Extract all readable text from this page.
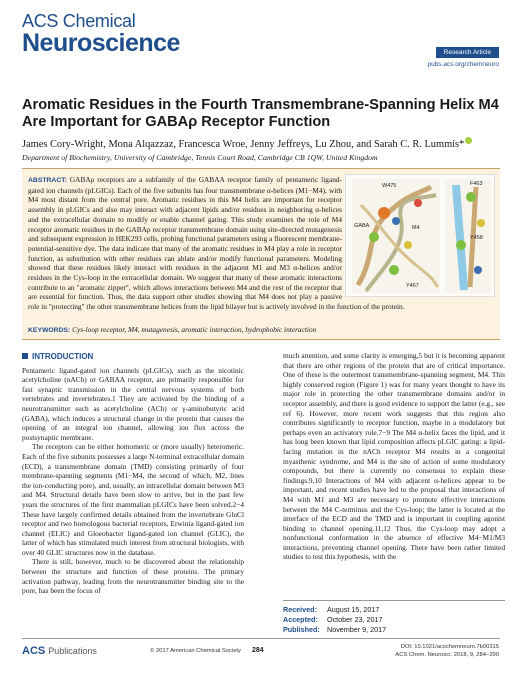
ACS Chemical
Neuroscience	Research Article
pubs.acs.org/chemneuro
Aromatic Residues in the Fourth Transmembrane-Spanning Helix M4 Are Important for GABAρ Receptor Function
James Cory-Wright, Mona Alqazzaz, Francesca Wroe, Jenny Jeffreys, Lu Zhou, and Sarah C. R. Lummis*
Department of Biochemistry, University of Cambridge, Tennis Court Road, Cambridge CB 1QW, United Kingdom
ABSTRACT: GABAρ receptors are a subfamily of the GABAA receptor family of pentameric ligand-gated ion channels (pLGICs). Each of the five subunits has four transmembrane α-helices (M1−M4), with M4 most distant from the central pore. Aromatic residues in this M4 helix are important for receptor assembly in pLGICs and also may interact with adjacent lipids and/or residues in neighboring α-helices and the extracellular domain to modify or enable channel gating. This study examines the role of M4 receptor aromatic residues in the GABAρ receptor transmembrane domain using site-directed mutagenesis and subsequent expression in HEK293 cells, probing functional parameters using a fluorescent membrane-potential-sensitive dye. The data indicate that many of the aromatic residues in M4 play a role in receptor function, as substitution with other residues can ablate and/or modify functional parameters. Modeling showed that these residues likely interact with residues in the adjacent M1 and M3 α-helices and/or residues in the Cys-loop in the extracellular domain. We suggest that many of these aromatic interactions contribute to an "aromatic zipper", which allows interactions between M4 and the rest of the receptor that are essential for function. Thus, the data support other studies showing that M4 does not play a passive role in "protecting" the other transmembrane helices from the lipid bilayer but is actively involved in the function of the protein.
KEYWORDS: Cys-loop receptor, M4, mutagenesis, aromatic interaction, hydrophobic interaction
W475	F463
GABA	M4
Y458
Y467
INTRODUCTION

Pentameric ligand-gated ion channels (pLGICs), such as the nicotinic acetylcholine (nACh) or GABAA receptor, are primarily responsible for fast synaptic transmission in the central nervous systems of both vertebrates and invertebrates.1 They are activated by the binding of a neurotransmitter such as acetylcholine (ACh) or γ-aminobutyric acid (GABA), which induces a structural change in the protein that causes the opening of an integral ion channel, allowing ion flux across the postsynaptic membrane.

The receptors can be either homomeric or (more usually) heteromeric. Each of the five subunits possesses a large N-terminal extracellular domain (ECD), a transmembrane domain (TMD) consisting primarily of four membrane-spanning segments (M1−M4, the second of which, M2, lines the ion-conducting pore), and, usually, an intracellular domain between M3 and M4. Structural details have been slow to arrive, but in the past few years the structures of the first mammalian pLGICs have been solved.2−4 These have largely confirmed details obtained from the invertebrate GluCl receptor and two homologous bacterial receptors, Erwinia ligand-gated ion channel (ELIC) and Gloeobacter ligand-gated ion channel (GLIC), the latter of which has stimulated much interest from structural biologists, with over 40 GLIC structures now in the database.

There is still, however, much to be discovered about the relationship between the structure and function of these proteins. The primary activation pathway, leading from the neurotransmitter binding site to the pore, has been the focus of

much attention, and some clarity is emerging,5 but it is becoming apparent that there are other regions of the protein that are of critical importance. One of these is the outermost transmembrane-spanning segment, M4. This highly conserved region (Figure 1) was for many years thought to have its major role in protecting the other transmembrane domains and/or in receptor assembly, and there is good evidence to support the latter (e.g., see ref 6). However, more recent work suggests that this region also contributes significantly to receptor function, maybe in a modulatory but perhaps even an activatory role.7−9 The M4 α-helix faces the lipid, and it has long been known that lipid composition affects pLGIC gating: a lipid-facing mutation in the nACh receptor M4 results in a congenital myasthenic syndrome, and M4 is the site of action of some modulatory compounds, but there is currently no consensus to explain these findings.9,10 Interactions of M4 with adjacent α-helices appear to be important, and recent studies have led to the proposal that interactions of M4 with M1 and M3 are necessary to promote effective interactions between the M4 C-terminus and the Cys-loop; the latter is located at the interface of the ECD and the TMD and is important in coupling agonist binding to channel opening.11,12 Thus, the Cys-loop may adopt a nonfunctional conformation in the absence of effective M4−M1/M3 interactions, preventing channel opening. There have been rather limited studies to test this hypothesis, with the

Received: August 15, 2017
Accepted: October 23, 2017
Published: November 9, 2017
ACS Publications	© 2017 American Chemical Society 284	DOI: 10.1021/acschemneuro.7b00315
ACS Chem. Neurosci. 2018, 9, 284−290
